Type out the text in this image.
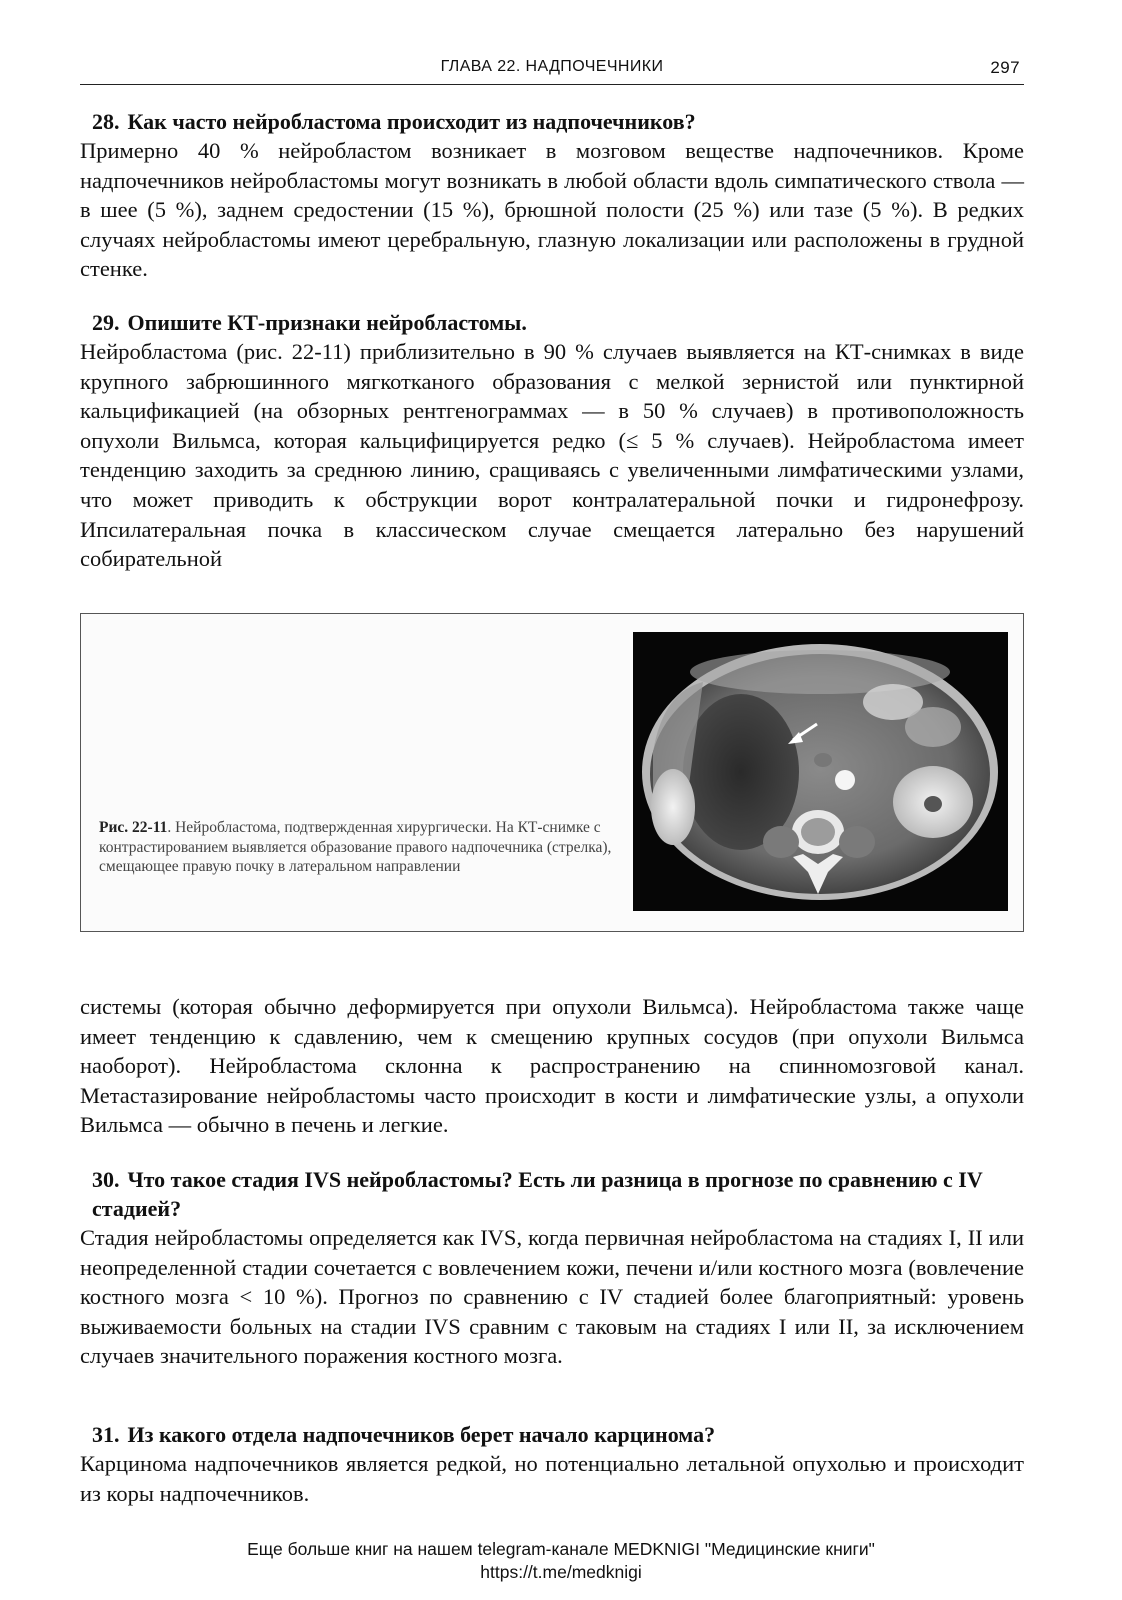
ГЛАВА 22. НАДПОЧЕЧНИКИ	297
28. Как часто нейробластома происходит из надпочечников?

Примерно 40 % нейробластом возникает в мозговом веществе надпочечников. Кроме надпочечников нейробластомы могут возникать в любой области вдоль симпатического ствола — в шее (5 %), заднем средостении (15 %), брюшной полости (25 %) или тазе (5 %). В редких случаях нейробластомы имеют церебральную, глазную локализации или расположены в грудной стенке.

29. Опишите КТ-признаки нейробластомы.

Нейробластома (рис. 22-11) приблизительно в 90 % случаев выявляется на КТ-снимках в виде крупного забрюшинного мягкотканого образования с мелкой зернистой или пунктирной кальцификацией (на обзорных рентгенограммах — в 50 % случаев) в противоположность опухоли Вильмса, которая кальцифицируется редко (≤ 5 % случаев). Нейробластома имеет тенденцию заходить за среднюю линию, сращиваясь с увеличенными лимфатическими узлами, что может приводить к обструкции ворот контралатеральной почки и гидронефрозу. Ипсилатеральная почка в классическом случае смещается латерально без нарушений собирательной

Рис. 22-11. Нейробластома, подтвержденная хирургически. На КТ-снимке с контрастированием выявляется образование правого надпочечника (стрелка), смещающее правую почку в латеральном направлении

системы (которая обычно деформируется при опухоли Вильмса). Нейробластома также чаще имеет тенденцию к сдавлению, чем к смещению крупных сосудов (при опухоли Вильмса наоборот). Нейробластома склонна к распространению на спинномозговой канал. Метастазирование нейробластомы часто происходит в кости и лимфатические узлы, а опухоли Вильмса — обычно в печень и легкие.

30. Что такое стадия IVS нейробластомы? Есть ли разница в прогнозе по сравнению с IV стадией?

Стадия нейробластомы определяется как IVS, когда первичная нейробластома на стадиях I, II или неопределенной стадии сочетается с вовлечением кожи, печени и/или костного мозга (вовлечение костного мозга < 10 %). Прогноз по сравнению с IV стадией более благоприятный: уровень выживаемости больных на стадии IVS сравним с таковым на стадиях I или II, за исключением случаев значительного поражения костного мозга.

31. Из какого отдела надпочечников берет начало карцинома?

Карцинома надпочечников является редкой, но потенциально летальной опухолью и происходит из коры надпочечников.

Еще больше книг на нашем telegram-канале MEDKNIGI "Медицинские книги"
https://t.me/medknigi
